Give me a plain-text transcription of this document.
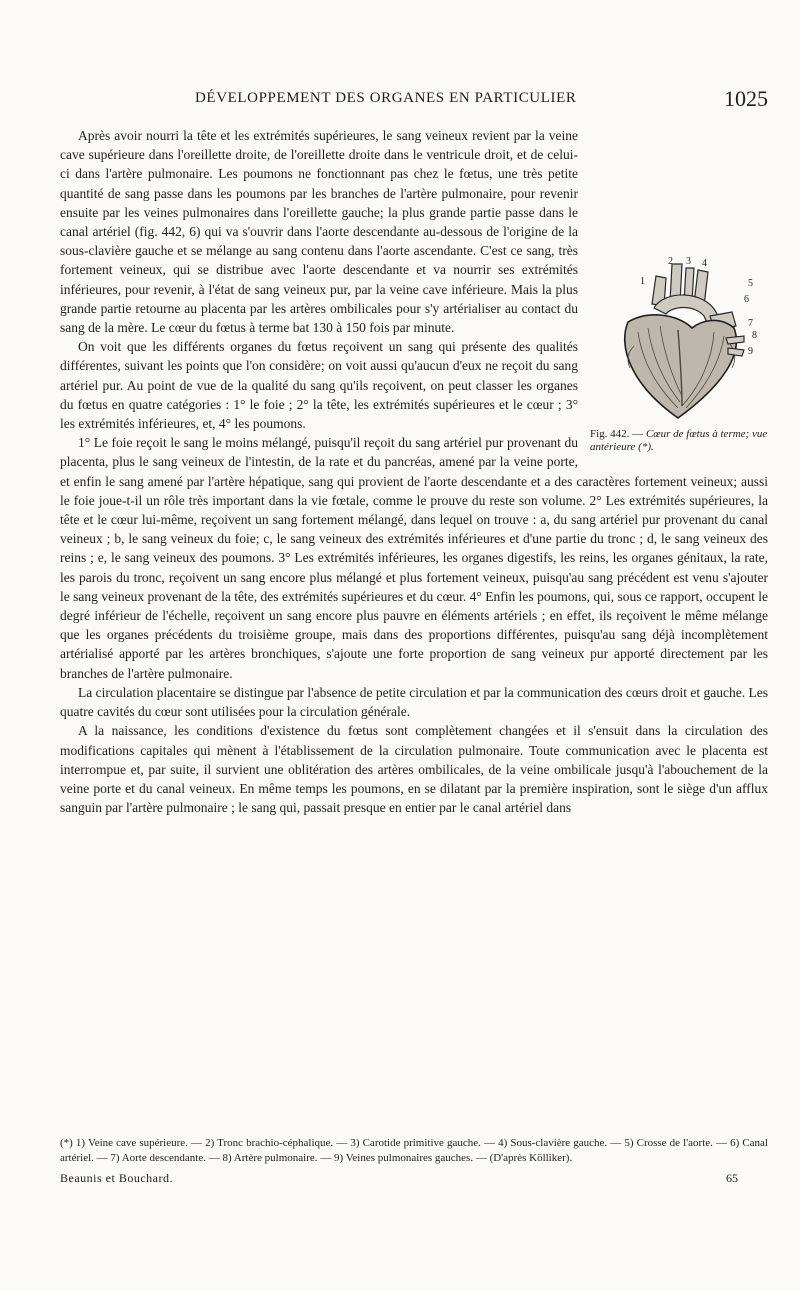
DÉVELOPPEMENT DES ORGANES EN PARTICULIER	1025
1
2 3 4
5
6
7
8
9
Fig. 442. — Cœur de fœtus à terme; vue antérieure (*).

Après avoir nourri la tête et les extrémités supérieures, le sang veineux revient par la veine cave supérieure dans l'oreillette droite, de l'oreillette droite dans le ventricule droit, et de celui-ci dans l'artère pulmonaire. Les poumons ne fonctionnant pas chez le fœtus, une très petite quantité de sang passe dans les poumons par les branches de l'artère pulmonaire, pour revenir ensuite par les veines pulmonaires dans l'oreillette gauche; la plus grande partie passe dans le canal artériel (fig. 442, 6) qui va s'ouvrir dans l'aorte descendante au-dessous de l'origine de la sous-clavière gauche et se mélange au sang contenu dans l'aorte ascendante. C'est ce sang, très fortement veineux, qui se distribue avec l'aorte descendante et va nourrir ses extrémités inférieures, pour revenir, à l'état de sang veineux pur, par la veine cave inférieure. Mais la plus grande partie retourne au placenta par les artères ombilicales pour s'y artérialiser au contact du sang de la mère. Le cœur du fœtus à terme bat 130 à 150 fois par minute.

On voit que les différents organes du fœtus reçoivent un sang qui présente des qualités différentes, suivant les points que l'on considère; on voit aussi qu'aucun d'eux ne reçoit du sang artériel pur. Au point de vue de la qualité du sang qu'ils reçoivent, on peut classer les organes du fœtus en quatre catégories : 1° le foie ; 2° la tête, les extrémités supérieures et le cœur ; 3° les extrémités inférieures, et, 4° les poumons.

1° Le foie reçoit le sang le moins mélangé, puisqu'il reçoit du sang artériel pur provenant du placenta, plus le sang veineux de l'intestin, de la rate et du pancréas, amené par la veine porte, et enfin le sang amené par l'artère hépatique, sang qui provient de l'aorte descendante et a des caractères fortement veineux; aussi le foie joue-t-il un rôle très important dans la vie fœtale, comme le prouve du reste son volume. 2° Les extrémités supérieures, la tête et le cœur lui-même, reçoivent un sang fortement mélangé, dans lequel on trouve : a, du sang artériel pur provenant du canal veineux ; b, le sang veineux du foie; c, le sang veineux des extrémités inférieures et d'une partie du tronc ; d, le sang veineux des reins ; e, le sang veineux des poumons. 3° Les extrémités inférieures, les organes digestifs, les reins, les organes génitaux, la rate, les parois du tronc, reçoivent un sang encore plus mélangé et plus fortement veineux, puisqu'au sang précédent est venu s'ajouter le sang veineux provenant de la tête, des extrémités supérieures et du cœur. 4° Enfin les poumons, qui, sous ce rapport, occupent le degré inférieur de l'échelle, reçoivent un sang encore plus pauvre en éléments artériels ; en effet, ils reçoivent le même mélange que les organes précédents du troisième groupe, mais dans des proportions différentes, puisqu'au sang déjà incomplètement artérialisé apporté par les artères bronchiques, s'ajoute une forte proportion de sang veineux pur apporté directement par les branches de l'artère pulmonaire.

La circulation placentaire se distingue par l'absence de petite circulation et par la communication des cœurs droit et gauche. Les quatre cavités du cœur sont utilisées pour la circulation générale.

A la naissance, les conditions d'existence du fœtus sont complètement changées et il s'ensuit dans la circulation des modifications capitales qui mènent à l'établissement de la circulation pulmonaire. Toute communication avec le placenta est interrompue et, par suite, il survient une oblitération des artères ombilicales, de la veine ombilicale jusqu'à l'abouchement de la veine porte et du canal veineux. En même temps les poumons, en se dilatant par la première inspiration, sont le siège d'un afflux sanguin par l'artère pulmonaire ; le sang qui, passait presque en entier par le canal artériel dans

(*) 1) Veine cave supérieure. — 2) Tronc brachio-céphalique. — 3) Carotide primitive gauche. — 4) Sous-clavière gauche. — 5) Crosse de l'aorte. — 6) Canal artériel. — 7) Aorte descendante. — 8) Artère pulmonaire. — 9) Veines pulmonaires gauches. — (D'après Kölliker).
Beaunis et Bouchard.	65
